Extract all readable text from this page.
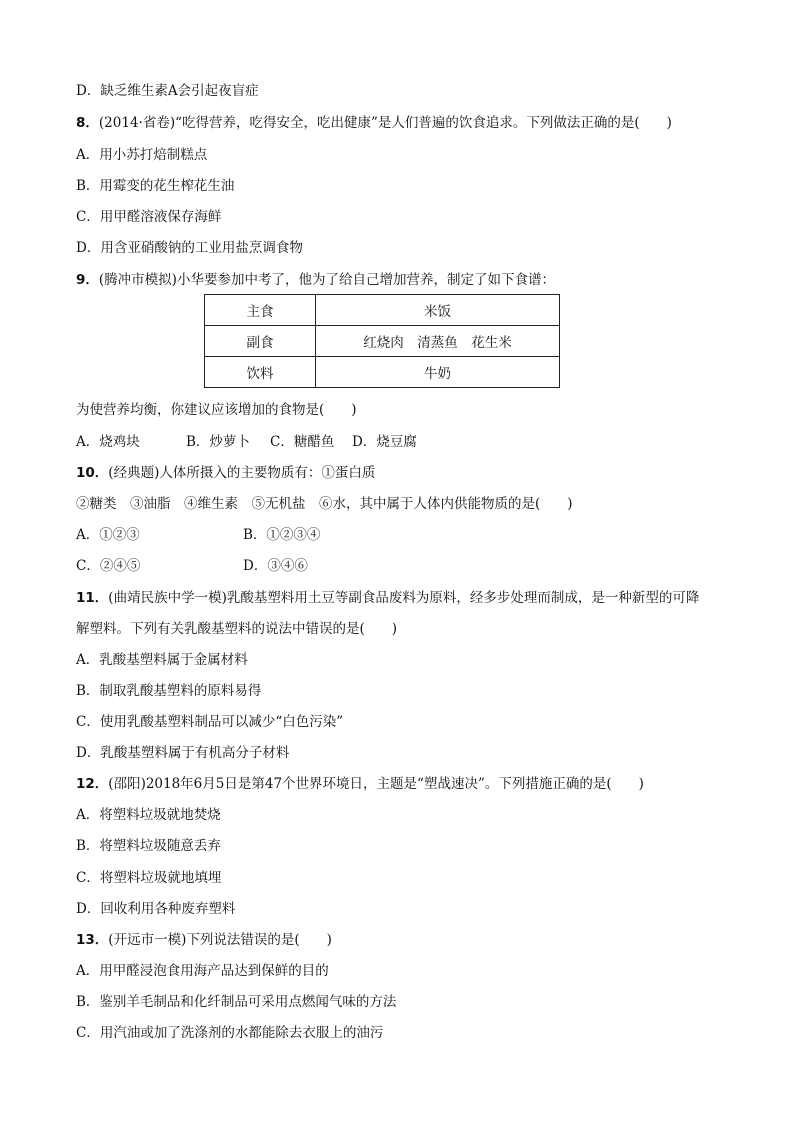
D．缺乏维生素A会引起夜盲症
8．(2014·省卷)“吃得营养，吃得安全，吃出健康”是人们普遍的饮食追求。下列做法正确的是(　　)
A．用小苏打焙制糕点
B．用霉变的花生榨花生油
C．用甲醛溶液保存海鲜
D．用含亚硝酸钠的工业用盐烹调食物
9．(腾冲市模拟)小华要参加中考了，他为了给自己增加营养，制定了如下食谱：
主食	米饭
副食	红烧肉　清蒸鱼　花生米
饮料	牛奶
为使营养均衡，你建议应该增加的食物是(　　)
A．烧鸡块	B．炒萝卜 C．糖醋鱼 D．烧豆腐
10．(经典题)人体所摄入的主要物质有：①蛋白质
②糖类　③油脂　④维生素　⑤无机盐　⑥水，其中属于人体内供能物质的是(　　)
A．①②③	B．①②③④
C．②④⑤	D．③④⑥
11．(曲靖民族中学一模)乳酸基塑料用土豆等副食品废料为原料，经多步处理而制成，是一种新型的可降
解塑料。下列有关乳酸基塑料的说法中错误的是(　　)
A．乳酸基塑料属于金属材料
B．制取乳酸基塑料的原料易得
C．使用乳酸基塑料制品可以减少“白色污染”
D．乳酸基塑料属于有机高分子材料
12．(邵阳)2018年6月5日是第47个世界环境日，主题是“塑战速决”。下列措施正确的是(　　)
A．将塑料垃圾就地焚烧
B．将塑料垃圾随意丢弃
C．将塑料垃圾就地填埋
D．回收利用各种废弃塑料
13．(开远市一模)下列说法错误的是(　　)
A．用甲醛浸泡食用海产品达到保鲜的目的
B．鉴别羊毛制品和化纤制品可采用点燃闻气味的方法
C．用汽油或加了洗涤剂的水都能除去衣服上的油污
